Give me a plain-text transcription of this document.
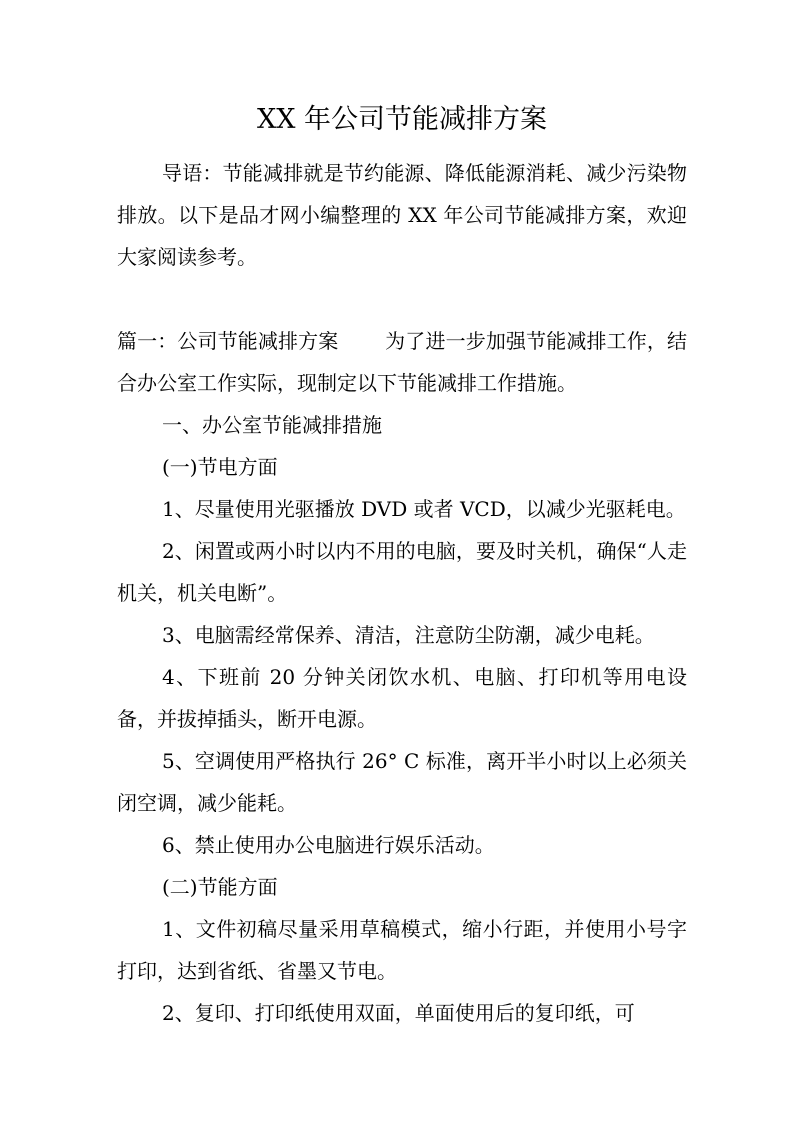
XX 年公司节能减排方案

导语：节能减排就是节约能源、降低能源消耗、减少污染物排放。以下是品才网小编整理的 XX 年公司节能减排方案，欢迎大家阅读参考。

篇一：公司节能减排方案 　　为了进一步加强节能减排工作，结合办公室工作实际，现制定以下节能减排工作措施。

一、办公室节能减排措施

(一)节电方面

1、尽量使用光驱播放 DVD 或者 VCD，以减少光驱耗电。

2、闲置或两小时以内不用的电脑，要及时关机，确保“人走机关，机关电断”。

3、电脑需经常保养、清洁，注意防尘防潮，减少电耗。

4、下班前 20 分钟关闭饮水机、电脑、打印机等用电设备，并拔掉插头，断开电源。

5、空调使用严格执行 26° C 标准，离开半小时以上必须关闭空调，减少能耗。

6、禁止使用办公电脑进行娱乐活动。

(二)节能方面

1、文件初稿尽量采用草稿模式，缩小行距，并使用小号字打印，达到省纸、省墨又节电。

2、复印、打印纸使用双面，单面使用后的复印纸，可
